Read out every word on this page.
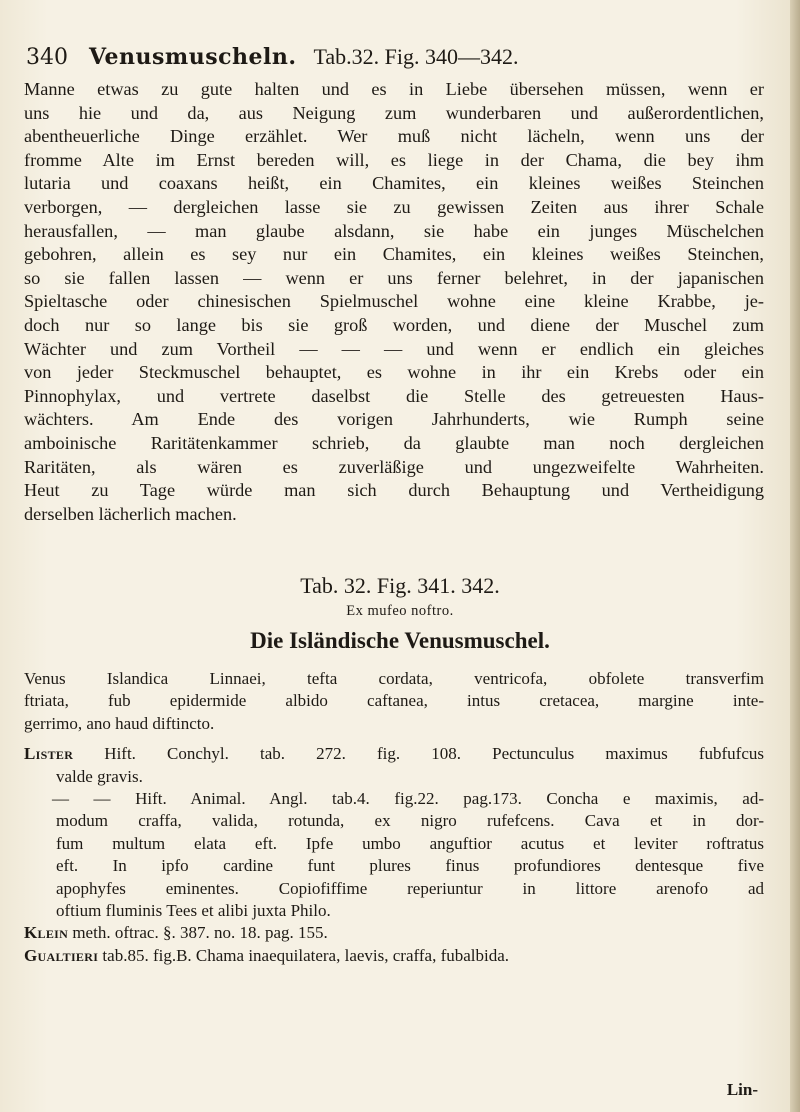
340 Venusmuscheln. Tab.32. Fig. 340—342.
Manne etwas zu gute halten und es in Liebe übersehen müssen, wenn er
uns hie und da, aus Neigung zum wunderbaren und außerordentlichen,
abentheuerliche Dinge erzählet. Wer muß nicht lächeln, wenn uns der
fromme Alte im Ernst bereden will, es liege in der Chama, die bey ihm
lutaria und coaxans heißt, ein Chamites, ein kleines weißes Steinchen
verborgen, — dergleichen lasse sie zu gewissen Zeiten aus ihrer Schale
herausfallen, — man glaube alsdann, sie habe ein junges Müschelchen
gebohren, allein es sey nur ein Chamites, ein kleines weißes Steinchen,
so sie fallen lassen — wenn er uns ferner belehret, in der japanischen
Spieltasche oder chinesischen Spielmuschel wohne eine kleine Krabbe, je-
doch nur so lange bis sie groß worden, und diene der Muschel zum
Wächter und zum Vortheil — — — und wenn er endlich ein gleiches
von jeder Steckmuschel behauptet, es wohne in ihr ein Krebs oder ein
Pinnophylax, und vertrete daselbst die Stelle des getreuesten Haus-
wächters. Am Ende des vorigen Jahrhunderts, wie Rumph seine
amboinische Raritätenkammer schrieb, da glaubte man noch dergleichen
Raritäten, als wären es zuverläßige und ungezweifelte Wahrheiten.
Heut zu Tage würde man sich durch Behauptung und Vertheidigung
derselben lächerlich machen.
Tab. 32. Fig. 341. 342.
Ex mufeo noftro.
Die Isländische Venusmuschel.
Venus Islandica Linnaei, tefta cordata, ventricofa, obfolete transverfim
ftriata, fub epidermide albido caftanea, intus cretacea, margine inte-
gerrimo, ano haud diftincto.
Lister Hift. Conchyl. tab. 272. fig. 108. Pectunculus maximus fubfufcus
valde gravis.
— — Hift. Animal. Angl. tab.4. fig.22. pag.173. Concha e maximis, ad-
modum craffa, valida, rotunda, ex nigro rufefcens. Cava et in dor-
fum multum elata eft. Ipfe umbo anguftior acutus et leviter roftratus
eft. In ipfo cardine funt plures finus profundiores dentesque five
apophyfes eminentes. Copiofiffime reperiuntur in littore arenofo ad
oftium fluminis Tees et alibi juxta Philo.
Klein meth. oftrac. §. 387. no. 18. pag. 155.
Gualtieri tab.85. fig.B. Chama inaequilatera, laevis, craffa, fubalbida.
Lin-
